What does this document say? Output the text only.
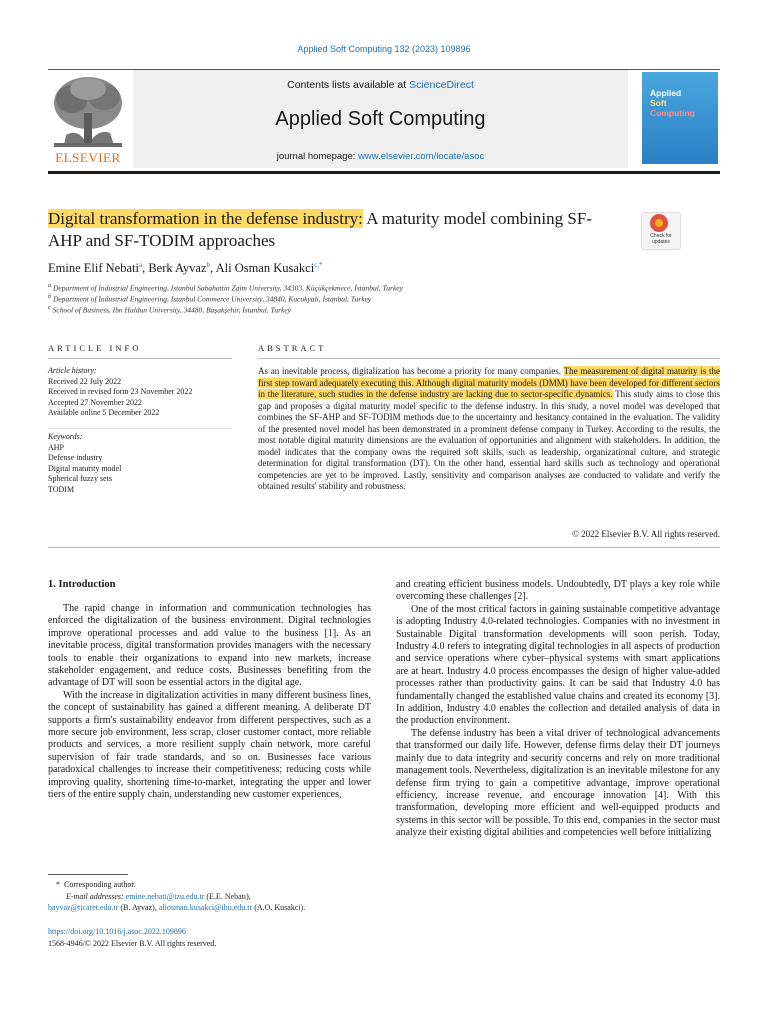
Applied Soft Computing 132 (2023) 109896
Contents lists available at ScienceDirect
Applied Soft Computing
journal homepage: www.elsevier.com/locate/asoc
ELSEVIER
Applied
Soft
Computing
Digital transformation in the defense industry: A maturity model combining SF-AHP and SF-TODIM approaches	Check for updates
Emine Elif Nebati$^a$, Berk Ayvaz$^b$, Ali Osman Kusakci$^{c,*}$
$^a$ Department of Industrial Engineering, Istanbul Sabahattin Zaim University, 34303, Küçükçekmece, İstanbul, Turkey
$^b$ Department of Industrial Engineering, Istanbul Commerce University, 34840, Kucukyali, İstanbul, Turkey
$^c$ School of Business, Ibn Haldun University, 34480, Başakşehir, İstanbul, Turkey
ARTICLE INFO	ABSTRACT
Article history:
Received 22 July 2022
Received in revised form 23 November 2022
Accepted 27 November 2022
Available online 5 December 2022
Keywords:
AHP
Defense industry
Digital maturity model
Spherical fuzzy sets
TODIM
As an inevitable process, digitalization has become a priority for many companies. The measurement of digital maturity is the first step toward adequately executing this. Although digital maturity models (DMM) have been developed for different sectors in the literature, such studies in the defense industry are lacking due to sector-specific dynamics. This study aims to close this gap and proposes a digital maturity model specific to the defense industry. In this study, a novel model was developed that combines the SF-AHP and SF-TODIM methods due to the uncertainty and hesitancy contained in the evaluation. The validity of the presented novel model has been demonstrated in a prominent defense company in Turkey. According to the results, the most notable digital maturity dimensions are the evaluation of opportunities and alignment with stakeholders. In addition, the model indicates that the company owns the required soft skills, such as leadership, organizational culture, and strategic determination for digital transformation (DT). On the other hand, essential hard skills such as technology and operational competencies are yet to be improved. Lastly, sensitivity and comparison analyses are conducted to validate and verify the obtained results' stability and robustness.
© 2022 Elsevier B.V. All rights reserved.
1. Introduction

The rapid change in information and communication technologies has enforced the digitalization of the business environment. Digital technologies improve operational processes and add value to the business [1]. As an inevitable process, digital transformation provides managers with the necessary tools to enable their organizations to expand into new markets, increase stakeholder engagement, and reduce costs. Businesses benefiting from the advantage of DT will soon be essential actors in the digital age.

With the increase in digitalization activities in many different business lines, the concept of sustainability has gained a different meaning. A deliberate DT supports a firm's sustainability endeavor from different perspectives, such as a more secure job environment, less scrap, closer customer contact, more reliable products and services, a more resilient supply chain network, more careful supervision of fair trade standards, and so on. Businesses face various paradoxical challenges to increase their competitiveness; reducing costs while improving quality, shortening time-to-market, integrating the upper and lower tiers of the entire supply chain, understanding new customer experiences,

and creating efficient business models. Undoubtedly, DT plays a key role while overcoming these challenges [2].

One of the most critical factors in gaining sustainable competitive advantage is adopting Industry 4.0-related technologies. Companies with no investment in Sustainable Digital transformation developments will soon perish. Today, Industry 4.0 refers to integrating digital technologies in all aspects of production and service operations where cyber–physical systems with smart applications are at heart. Industry 4.0 process encompasses the design of higher value-added processes rather than productivity gains. It can be said that Industry 4.0 has fundamentally changed the established value chains and created its economy [3]. In addition, Industry 4.0 enables the collection and detailed analysis of data in the production environment.

The defense industry has been a vital driver of technological advancements that transformed our daily life. However, defense firms delay their DT journeys mainly due to data integrity and security concerns and rely on more traditional management tools. Nevertheless, digitalization is an inevitable milestone for any defense firm trying to gain a competitive advantage, improve operational efficiency, increase revenue, and encourage innovation [4]. With this transformation, developing more efficient and well-equipped products and systems in this sector will be possible. To this end, companies in the sector must analyze their existing digital abilities and competencies well before initializing

* Corresponding author.
E-mail addresses: emine.nebati@izu.edu.tr (E.E. Nebatı),
bayvaz@ticaret.edu.tr (B. Ayvaz), aliosman.kusakci@ihu.edu.tr (A.O. Kusakci).
https://doi.org/10.1016/j.asoc.2022.109896
1568-4946/© 2022 Elsevier B.V. All rights reserved.
